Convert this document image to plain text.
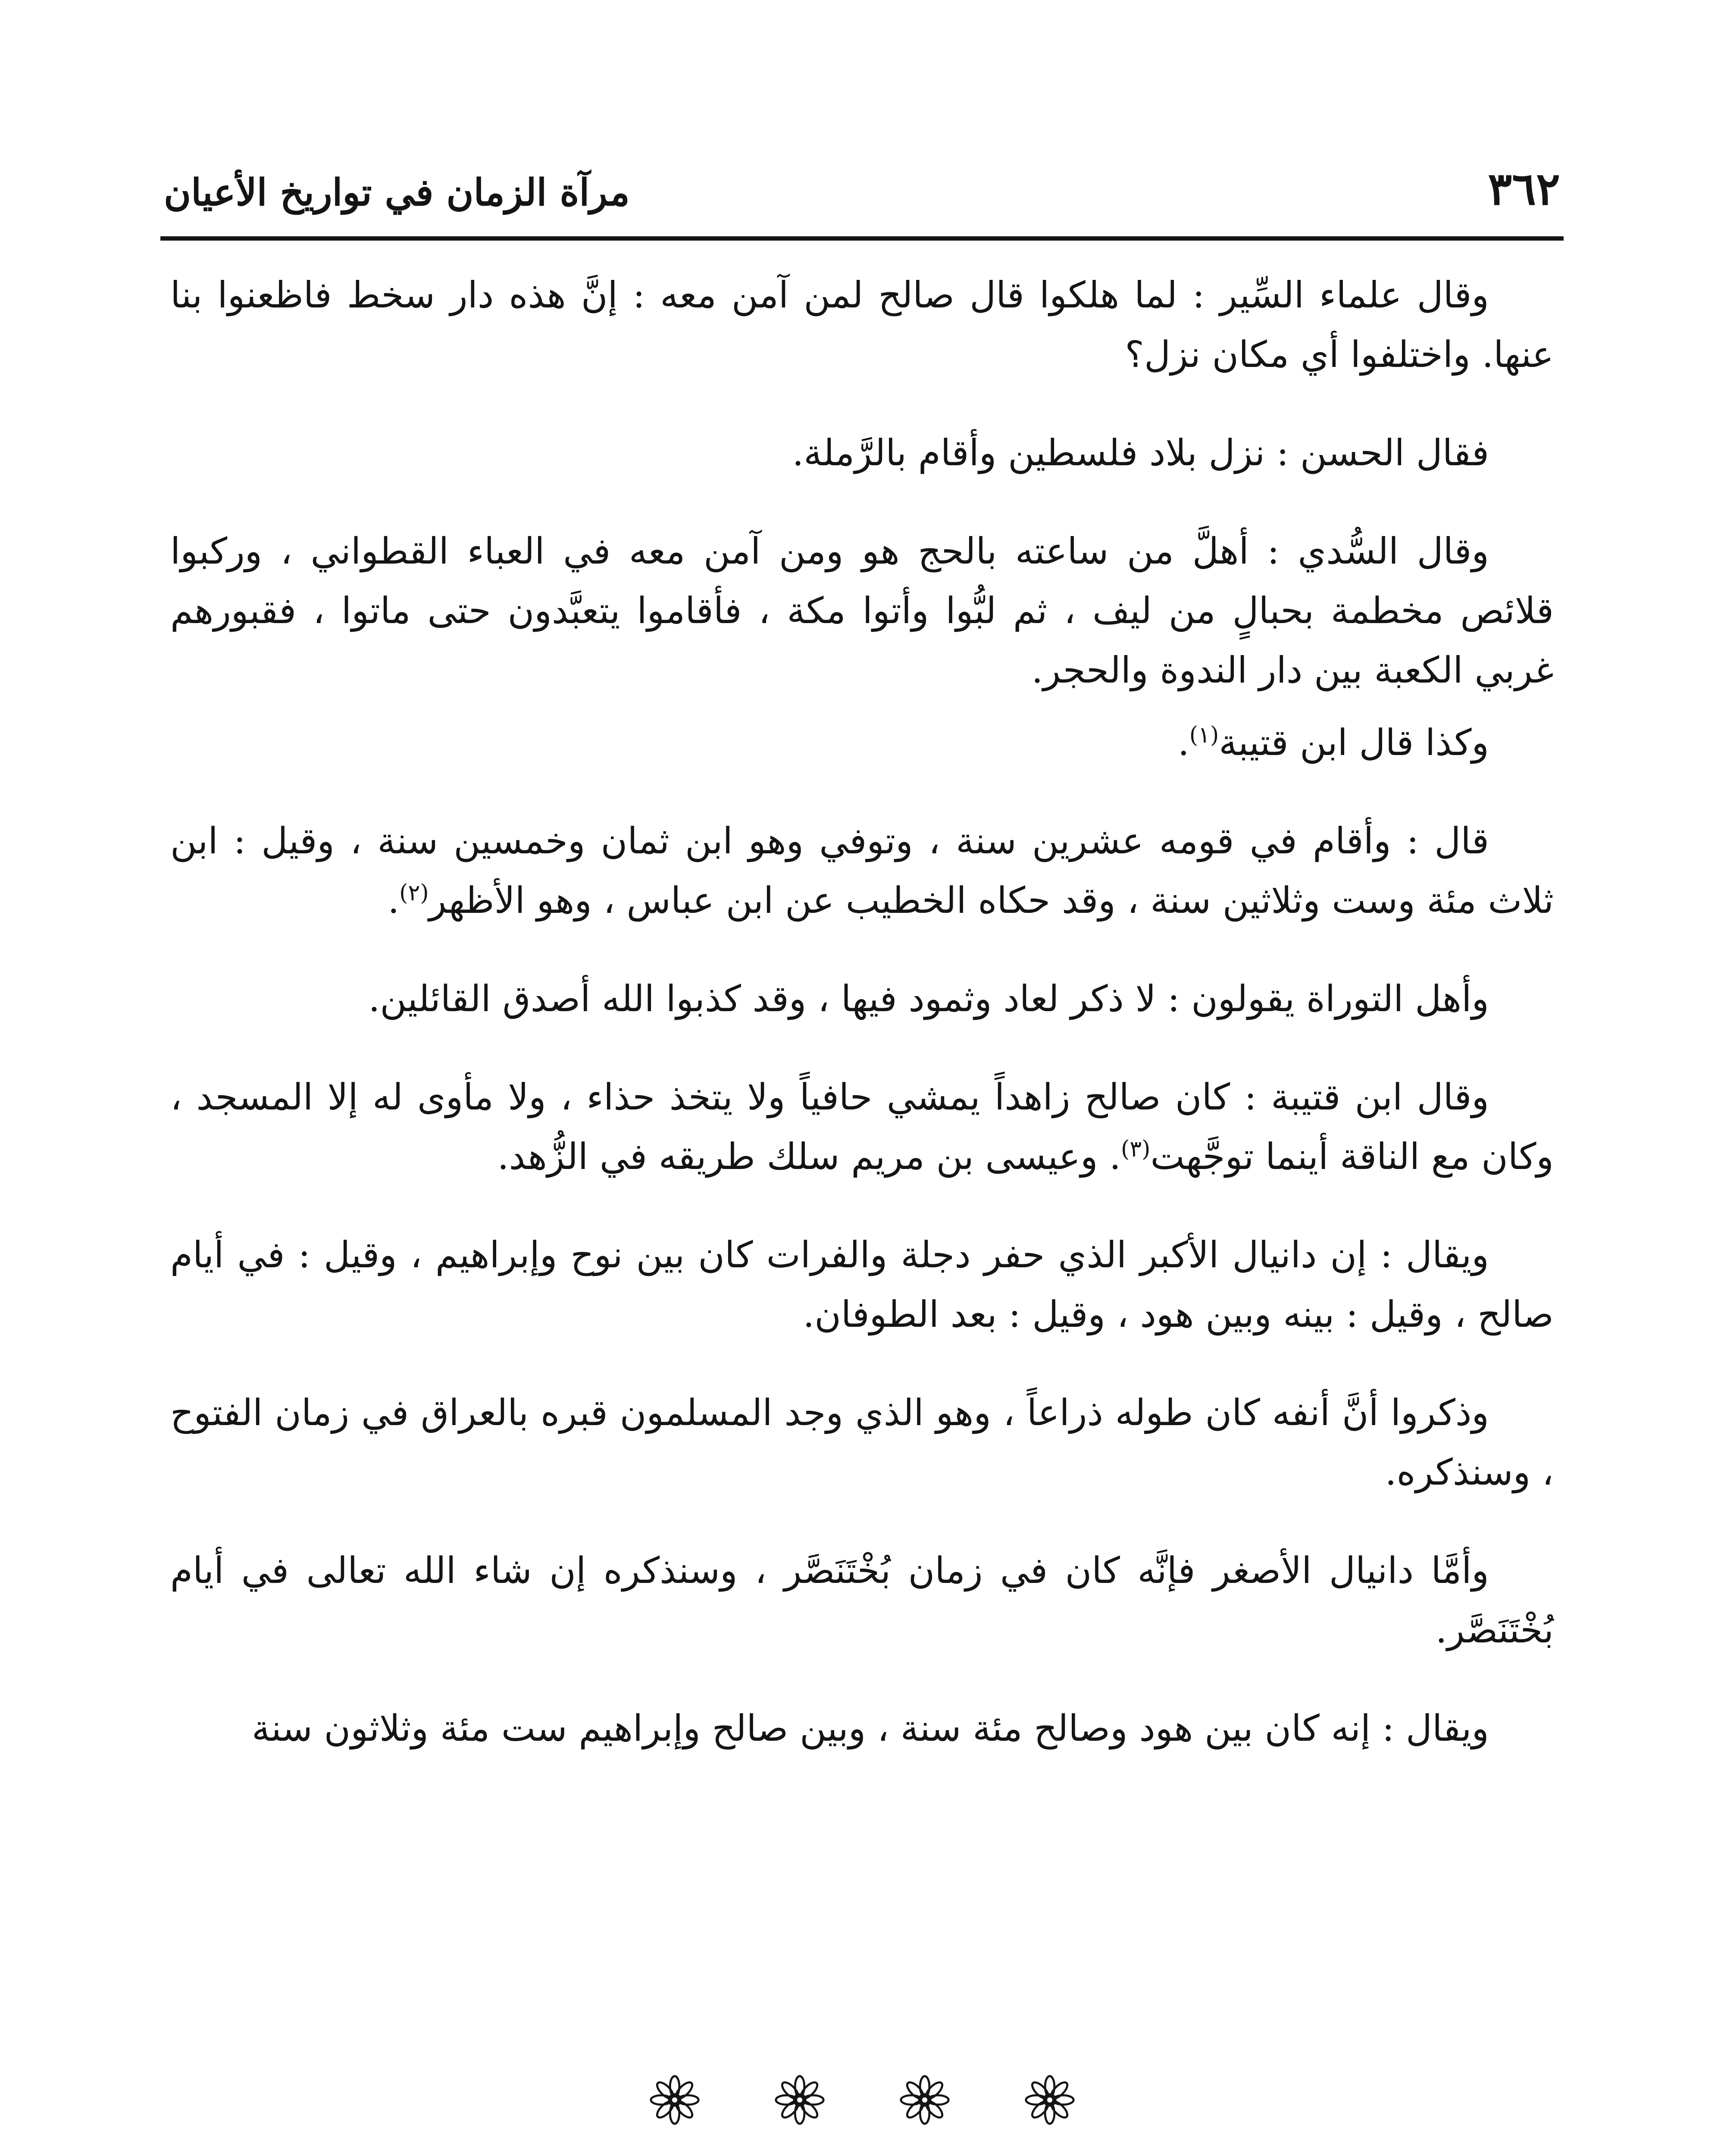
٣٦٢
مرآة الزمان في تواريخ الأعيان

وقال علماء السِّير : لما هلكوا قال صالح لمن آمن معه : إنَّ هذه دار سخط فاظعنوا بنا عنها. واختلفوا أي مكان نزل؟

فقال الحسن : نزل بلاد فلسطين وأقام بالرَّملة.

وقال السُّدي : أهلَّ من ساعته بالحج هو ومن آمن معه في العباء القطواني ، وركبوا قلائص مخطمة بحبالٍ من ليف ، ثم لبُّوا وأتوا مكة ، فأقاموا يتعبَّدون حتى ماتوا ، فقبورهم غربي الكعبة بين دار الندوة والحجر.

وكذا قال ابن قتيبة$^{(١)}$.

قال : وأقام في قومه عشرين سنة ، وتوفي وهو ابن ثمان وخمسين سنة ، وقيل : ابن ثلاث مئة وست وثلاثين سنة ، وقد حكاه الخطيب عن ابن عباس ، وهو الأظهر$^{(٢)}$.

وأهل التوراة يقولون : لا ذكر لعاد وثمود فيها ، وقد كذبوا الله أصدق القائلين.

وقال ابن قتيبة : كان صالح زاهداً يمشي حافياً ولا يتخذ حذاء ، ولا مأوى له إلا المسجد ، وكان مع الناقة أينما توجَّهت$^{(٣)}$. وعيسى بن مريم سلك طريقه في الزُّهد.

ويقال : إن دانيال الأكبر الذي حفر دجلة والفرات كان بين نوح وإبراهيم ، وقيل : في أيام صالح ، وقيل : بينه وبين هود ، وقيل : بعد الطوفان.

وذكروا أنَّ أنفه كان طوله ذراعاً ، وهو الذي وجد المسلمون قبره بالعراق في زمان الفتوح ، وسنذكره.

وأمَّا دانيال الأصغر فإنَّه كان في زمان بُخْتَنَصَّر ، وسنذكره إن شاء الله تعالى في أيام بُخْتَنَصَّر.

ويقال : إنه كان بين هود وصالح مئة سنة ، وبين صالح وإبراهيم ست مئة وثلاثون سنة
